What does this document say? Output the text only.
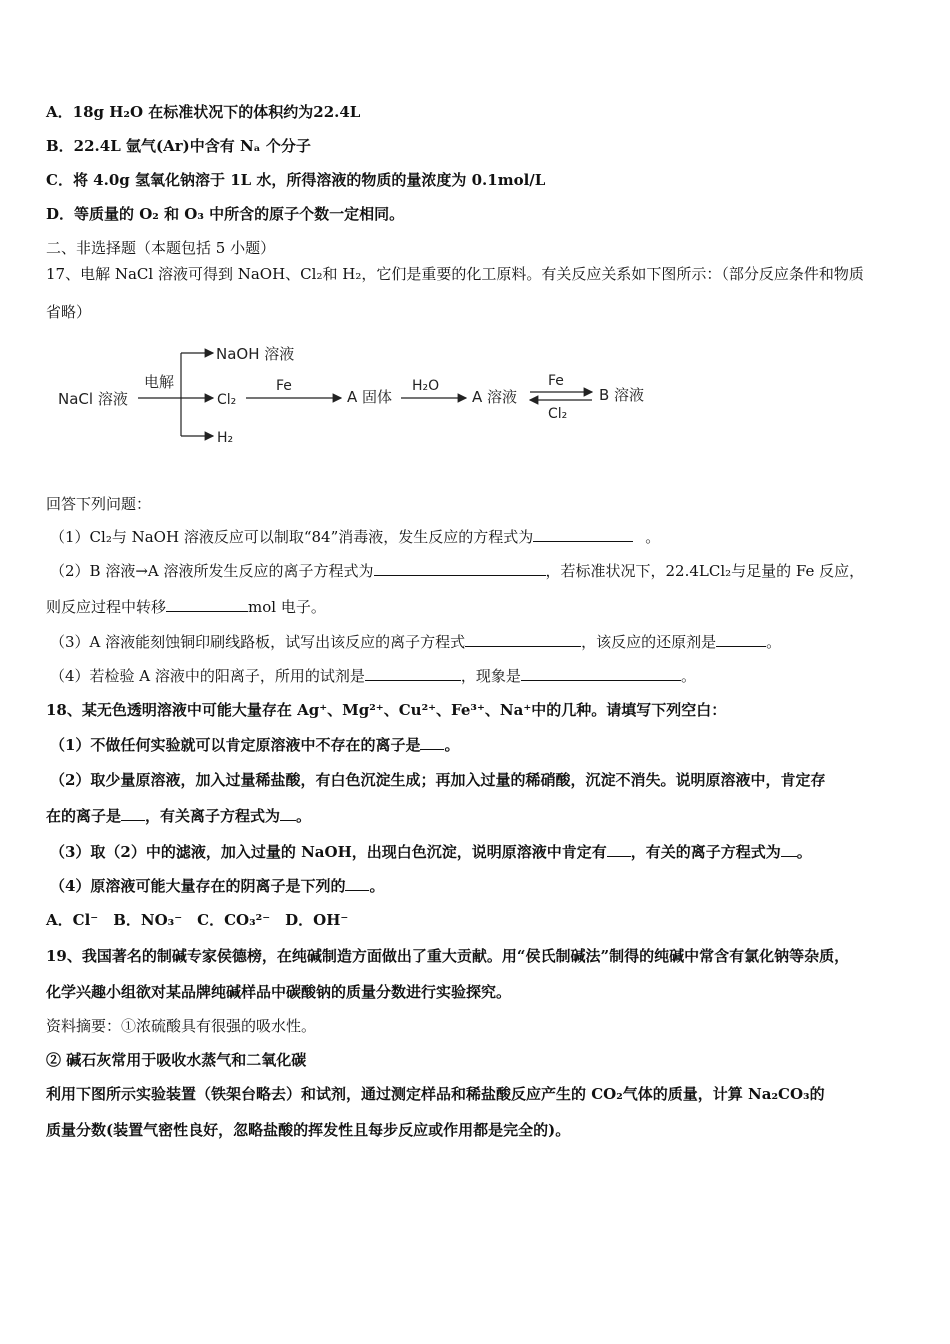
A．18g H₂O 在标准状况下的体积约为22.4L
B．22.4L 氩气(Ar)中含有 Nₐ 个分子
C．将 4.0g 氢氧化钠溶于 1L 水，所得溶液的物质的量浓度为 0.1mol/L
D．等质量的 O₂ 和 O₃ 中所含的原子个数一定相同。
二、非选择题（本题包括 5 小题）
17、电解 NaCl 溶液可得到 NaOH、Cl₂和 H₂，它们是重要的化工原料。有关反应关系如下图所示：（部分反应条件和物质
省略）
NaCl 溶液
电解
NaOH 溶液
Cl₂
H₂
Fe
A 固体
H₂O
A 溶液
Fe
Cl₂
B 溶液
回答下列问题：
（1）Cl₂与 NaOH 溶液反应可以制取“84”消毒液，发生反应的方程式为	。
（2）B 溶液→A 溶液所发生反应的离子方程式为	，若标准状况下，22.4LCl₂与足量的 Fe 反应，
则反应过程中转移	mol 电子。
（3）A 溶液能刻蚀铜印刷线路板，试写出该反应的离子方程式	，该反应的还原剂是	。
（4）若检验 A 溶液中的阳离子，所用的试剂是	，现象是	。
18、某无色透明溶液中可能大量存在 Ag⁺、Mg²⁺、Cu²⁺、Fe³⁺、Na⁺中的几种。请填写下列空白：
（1）不做任何实验就可以肯定原溶液中不存在的离子是 。
（2）取少量原溶液，加入过量稀盐酸，有白色沉淀生成；再加入过量的稀硝酸，沉淀不消失。说明原溶液中，肯定存
在的离子是 ，有关离子方程式为 。
（3）取（2）中的滤液，加入过量的 NaOH，出现白色沉淀，说明原溶液中肯定有 ，有关的离子方程式为 。
（4）原溶液可能大量存在的阴离子是下列的 。
A．Cl⁻　B．NO₃⁻　C．CO₃²⁻　D．OH⁻
19、我国著名的制碱专家侯德榜，在纯碱制造方面做出了重大贡献。用“侯氏制碱法”制得的纯碱中常含有氯化钠等杂质，
化学兴趣小组欲对某品牌纯碱样品中碳酸钠的质量分数进行实验探究。
资料摘要：①浓硫酸具有很强的吸水性。
② 碱石灰常用于吸收水蒸气和二氧化碳
利用下图所示实验装置（铁架台略去）和试剂，通过测定样品和稀盐酸反应产生的 CO₂气体的质量，计算 Na₂CO₃的
质量分数(装置气密性良好，忽略盐酸的挥发性且每步反应或作用都是完全的)。
